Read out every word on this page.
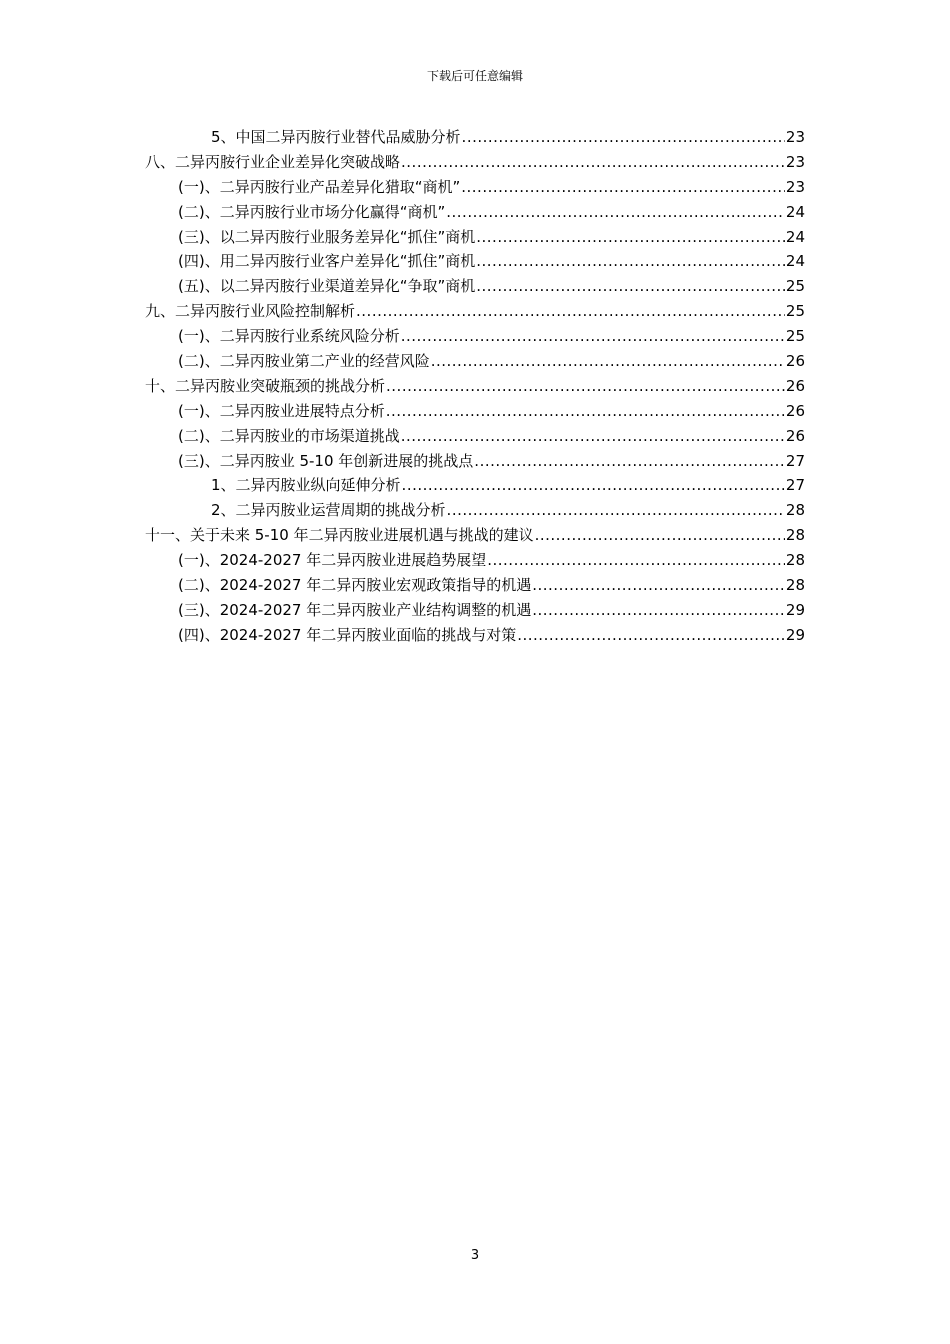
下载后可任意编辑
5、中国二异丙胺行业替代品威胁分析 .....	23
八、二异丙胺行业企业差异化突破战略 .....	23
(一)、二异丙胺行业产品差异化猎取“商机” .....	23
(二)、二异丙胺行业市场分化赢得“商机” .....	24
(三)、以二异丙胺行业服务差异化“抓住”商机 .....	24
(四)、用二异丙胺行业客户差异化“抓住”商机 .....	24
(五)、以二异丙胺行业渠道差异化“争取”商机 .....	25
九、二异丙胺行业风险控制解析 .....	25
(一)、二异丙胺行业系统风险分析 .....	25
(二)、二异丙胺业第二产业的经营风险 .....	26
十、二异丙胺业突破瓶颈的挑战分析 .....	26
(一)、二异丙胺业进展特点分析 .....	26
(二)、二异丙胺业的市场渠道挑战 .....	26
(三)、二异丙胺业 5-10 年创新进展的挑战点 .....	27
1、二异丙胺业纵向延伸分析 .....	27
2、二异丙胺业运营周期的挑战分析 .....	28
十一、关于未来 5-10 年二异丙胺业进展机遇与挑战的建议 .....	28
(一)、2024-2027 年二异丙胺业进展趋势展望 .....	28
(二)、2024-2027 年二异丙胺业宏观政策指导的机遇 .....	28
(三)、2024-2027 年二异丙胺业产业结构调整的机遇 .....	29
(四)、2024-2027 年二异丙胺业面临的挑战与对策 .....	29
3
